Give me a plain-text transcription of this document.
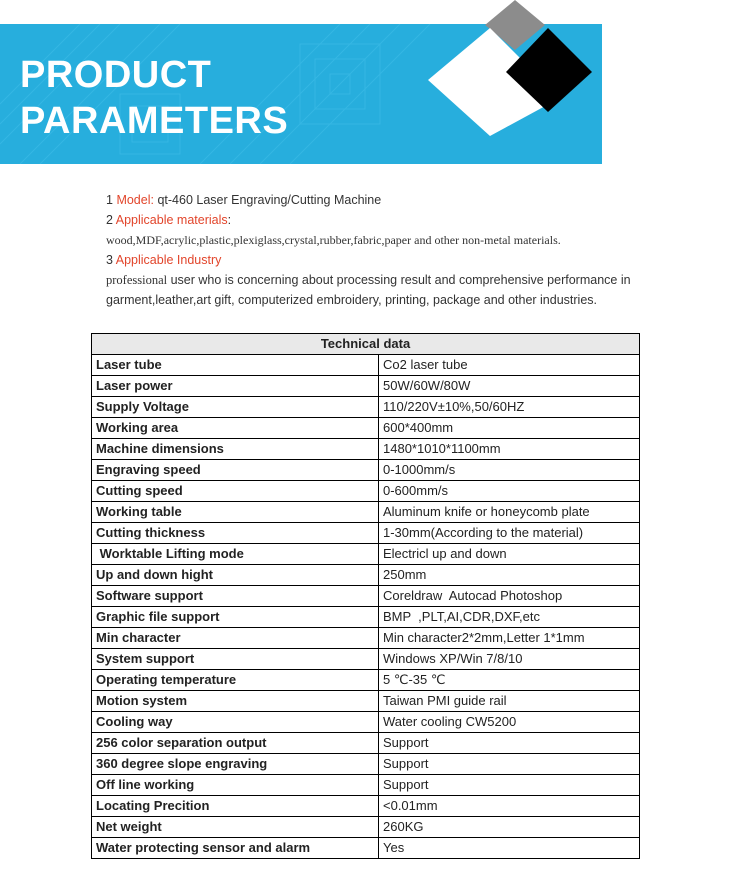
PRODUCT
PARAMETERS
1 Model: qt-460 Laser Engraving/Cutting Machine
2 Applicable materials:
wood,MDF,acrylic,plastic,plexiglass,crystal,rubber,fabric,paper and other non-metal materials.
3 Applicable Industry
professional user who is concerning about processing result and comprehensive performance in garment,leather,art gift, computerized embroidery, printing, package and other industries.
Technical data	
Laser tube	Co2 laser tube
Laser power	50W/60W/80W
Supply Voltage	110/220V±10%,50/60HZ
Working area	600*400mm
Machine dimensions	1480*1010*1100mm
Engraving speed	0-1000mm/s
Cutting speed	0-600mm/s
Working table	Aluminum knife or honeycomb plate
Cutting thickness	1-30mm(According to the material)
Worktable Lifting mode	Electricl up and down
Up and down hight	250mm
Software support	Coreldraw  Autocad Photoshop
Graphic file support	BMP  ,PLT,AI,CDR,DXF,etc
Min character	Min character2*2mm,Letter 1*1mm
System support	Windows XP/Win 7/8/10
Operating temperature	5 ℃-35 ℃
Motion system	Taiwan PMI guide rail
Cooling way	Water cooling CW5200
256 color separation output	Support
360 degree slope engraving	Support
Off line working	Support
Locating Precition	<0.01mm
Net weight	260KG
Water protecting sensor and alarm	Yes
